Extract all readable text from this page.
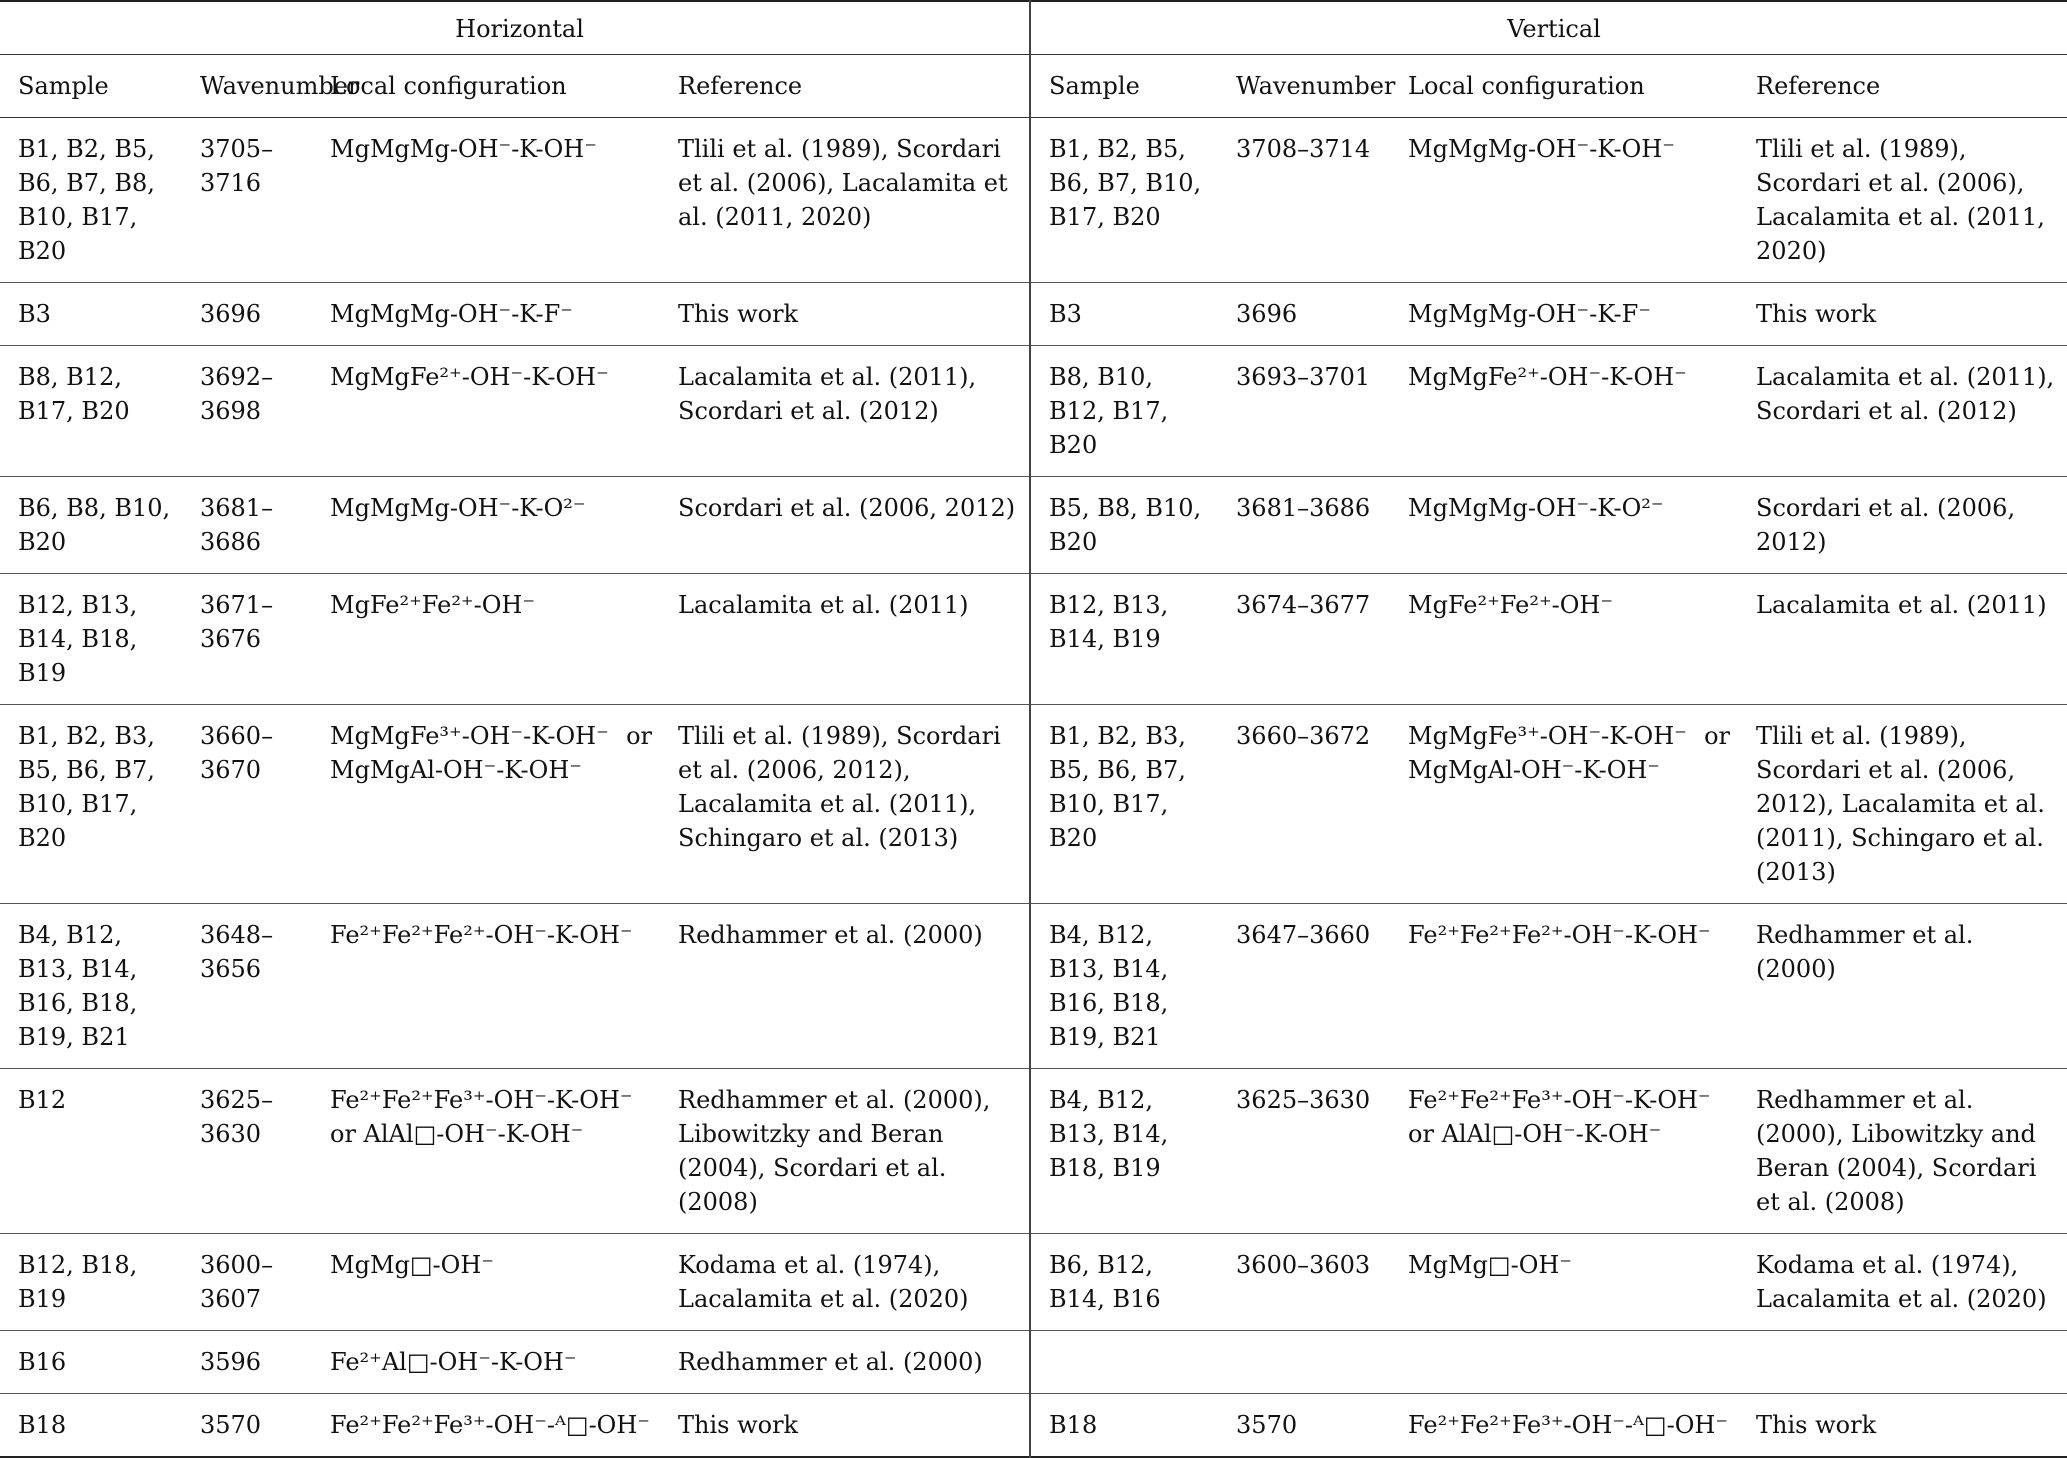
Horizontal				Vertical			
Sample	Wavenumber	Local configuration	Reference	Sample	Wavenumber	Local configuration	Reference
B1, B2, B5, B6, B7, B8, B10, B17, B20	3705–3716	MgMgMg-OH⁻-K-OH⁻	Tlili et al. (1989), Scordari et al. (2006), Lacalamita et al. (2011, 2020)	B1, B2, B5, B6, B7, B10, B17, B20	3708–3714	MgMgMg-OH⁻-K-OH⁻	Tlili et al. (1989), Scordari et al. (2006), Lacalamita et al. (2011, 2020)
B3	3696	MgMgMg-OH⁻-K-F⁻	This work	B3	3696	MgMgMg-OH⁻-K-F⁻	This work
B8, B12, B17, B20	3692–3698	MgMgFe²⁺-OH⁻-K-OH⁻	Lacalamita et al. (2011), Scordari et al. (2012)	B8, B10, B12, B17, B20	3693–3701	MgMgFe²⁺-OH⁻-K-OH⁻	Lacalamita et al. (2011), Scordari et al. (2012)
B6, B8, B10, B20	3681–3686	MgMgMg-OH⁻-K-O²⁻	Scordari et al. (2006, 2012)	B5, B8, B10, B20	3681–3686	MgMgMg-OH⁻-K-O²⁻	Scordari et al. (2006, 2012)
B12, B13, B14, B18, B19	3671–3676	MgFe²⁺Fe²⁺-OH⁻	Lacalamita et al. (2011)	B12, B13, B14, B19	3674–3677	MgFe²⁺Fe²⁺-OH⁻	Lacalamita et al. (2011)
B1, B2, B3, B5, B6, B7, B10, B17, B20	3660–3670	MgMgFe³⁺-OH⁻-K-OH⁻ or MgMgAl-OH⁻-K-OH⁻	Tlili et al. (1989), Scordari et al. (2006, 2012), Lacalamita et al. (2011), Schingaro et al. (2013)	B1, B2, B3, B5, B6, B7, B10, B17, B20	3660–3672	MgMgFe³⁺-OH⁻-K-OH⁻ or MgMgAl-OH⁻-K-OH⁻	Tlili et al. (1989), Scordari et al. (2006, 2012), Lacalamita et al. (2011), Schingaro et al. (2013)
B4, B12, B13, B14, B16, B18, B19, B21	3648–3656	Fe²⁺Fe²⁺Fe²⁺-OH⁻-K-OH⁻	Redhammer et al. (2000)	B4, B12, B13, B14, B16, B18, B19, B21	3647–3660	Fe²⁺Fe²⁺Fe²⁺-OH⁻-K-OH⁻	Redhammer et al. (2000)
B12	3625–3630	Fe²⁺Fe²⁺Fe³⁺-OH⁻-K-OH⁻ or AlAl□-OH⁻-K-OH⁻	Redhammer et al. (2000), Libowitzky and Beran (2004), Scordari et al. (2008)	B4, B12, B13, B14, B18, B19	3625–3630	Fe²⁺Fe²⁺Fe³⁺-OH⁻-K-OH⁻ or AlAl□-OH⁻-K-OH⁻	Redhammer et al. (2000), Libowitzky and Beran (2004), Scordari et al. (2008)
B12, B18, B19	3600–3607	MgMg□-OH⁻	Kodama et al. (1974), Lacalamita et al. (2020)	B6, B12, B14, B16	3600–3603	MgMg□-OH⁻	Kodama et al. (1974), Lacalamita et al. (2020)
B16	3596	Fe²⁺Al□-OH⁻-K-OH⁻	Redhammer et al. (2000)				
B18	3570	Fe²⁺Fe²⁺Fe³⁺-OH⁻-ᴬ□-OH⁻	This work	B18	3570	Fe²⁺Fe²⁺Fe³⁺-OH⁻-ᴬ□-OH⁻	This work
